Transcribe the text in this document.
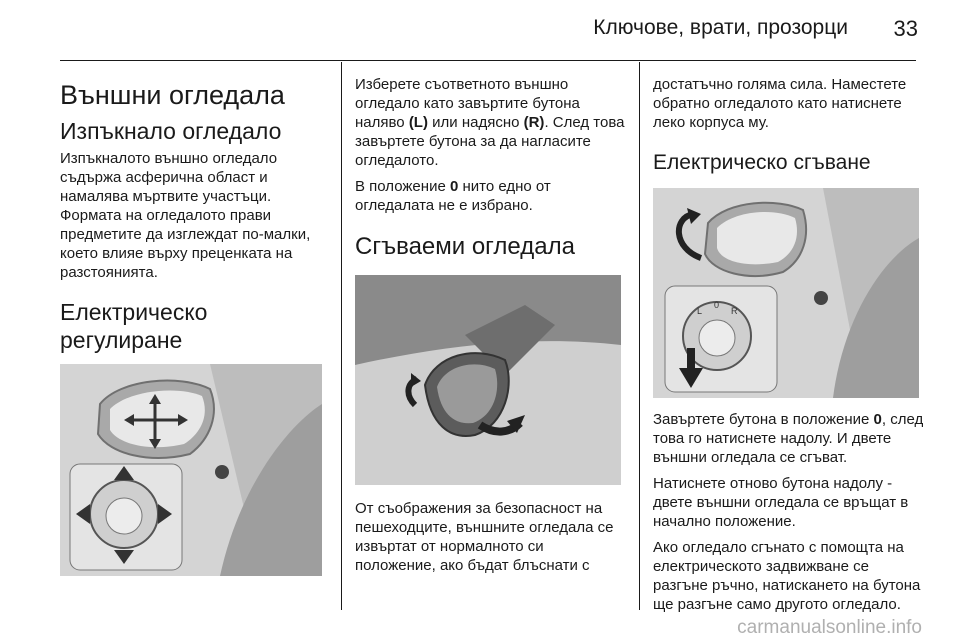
Ключове, врати, прозорци 33
Външни огледала
Изпъкнало огледало

Изпъкналото външно огледало съдържа асферична област и намалява мъртвите участъци. Формата на огледалото прави предметите да изглеждат по-малки, което влияе върху преценката на разстоянията.

Електрическо регулиране

Изберете съответното външно огледало като завъртите бутона наляво (L) или надясно (R). След това завъртете бутона за да нагласите огледалото.

В положение 0 нито едно от огледалата не е избрано.

Сгъваеми огледала

От съображения за безопасност на пешеходците, външните огледала се извъртат от нормалното си положение, ако бъдат блъснати с

достатъчно голяма сила. Наместете обратно огледалото като натиснете леко корпуса му.

Електрическо сгъване
L
0
R

Завъртете бутона в положение 0, след това го натиснете надолу. И двете външни огледала се сгъват.

Натиснете отново бутона надолу - двете външни огледала се връщат в начално положение.

Ако огледало сгънато с помощта на електрическото задвижване се разгъне ръчно, натискането на бутона ще разгъне само другото огледало.

carmanualsonline.info
